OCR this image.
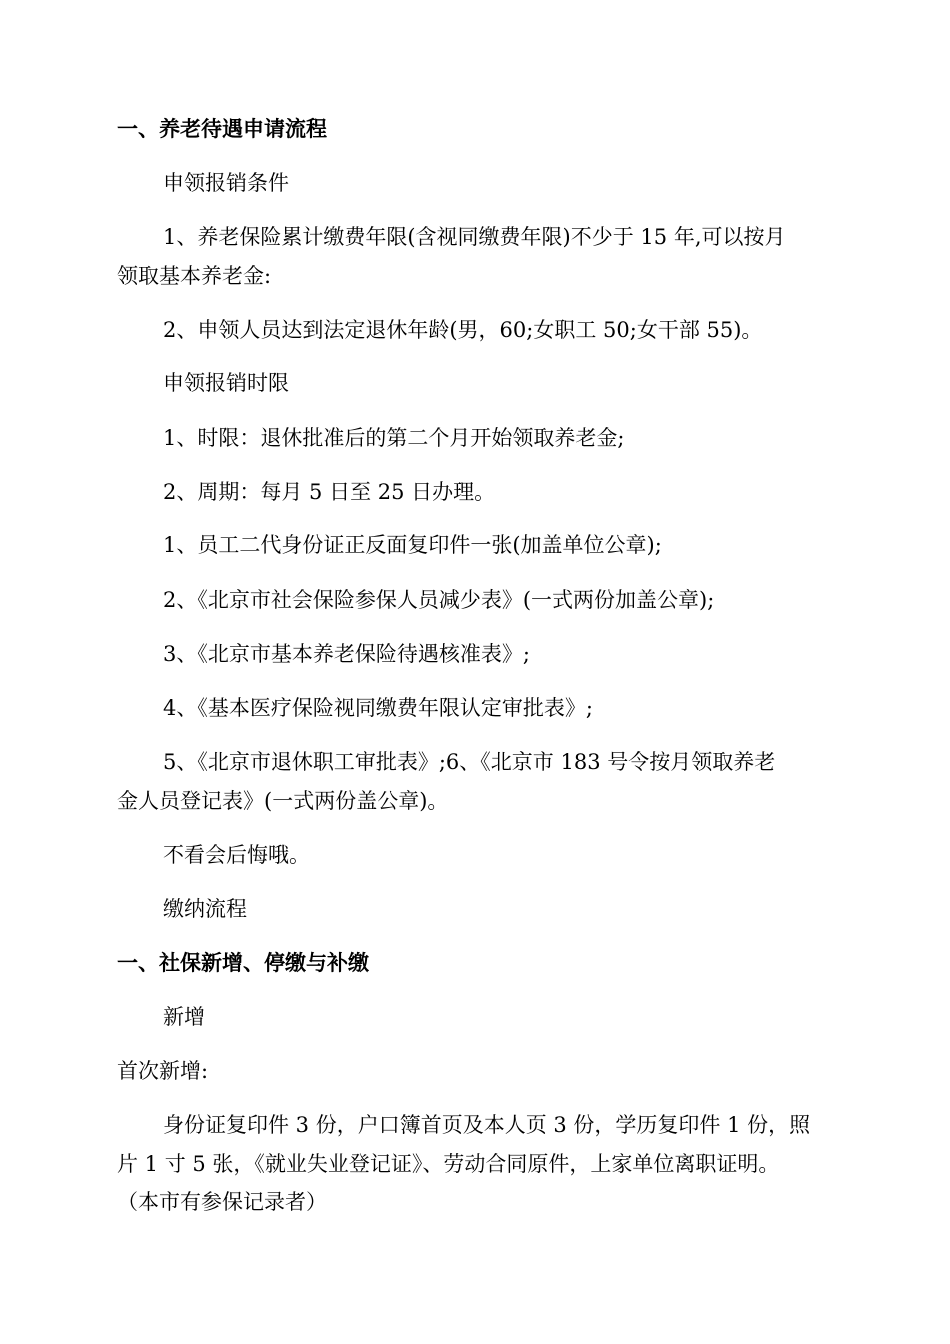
一、养老待遇申请流程
申领报销条件
1、养老保险累计缴费年限(含视同缴费年限)不少于 15 年,可以按月
领取基本养老金:
2、申领人员达到法定退休年龄(男，60;女职工 50;女干部 55)。
申领报销时限
1、时限：退休批准后的第二个月开始领取养老金;
2、周期：每月 5 日至 25 日办理。
1、员工二代身份证正反面复印件一张(加盖单位公章);
2、《北京市社会保险参保人员减少表》(一式两份加盖公章);
3、《北京市基本养老保险待遇核准表》;
4、《基本医疗保险视同缴费年限认定审批表》;
5、《北京市退休职工审批表》;6、《北京市 183 号令按月领取养老
金人员登记表》(一式两份盖公章)。
不看会后悔哦。
缴纳流程
一、社保新增、停缴与补缴
新增
首次新增:
身份证复印件 3 份，户口簿首页及本人页 3 份，学历复印件 1 份，照
片 1 寸 5 张，《就业失业登记证》、劳动合同原件，上家单位离职证明。
（本市有参保记录者）
